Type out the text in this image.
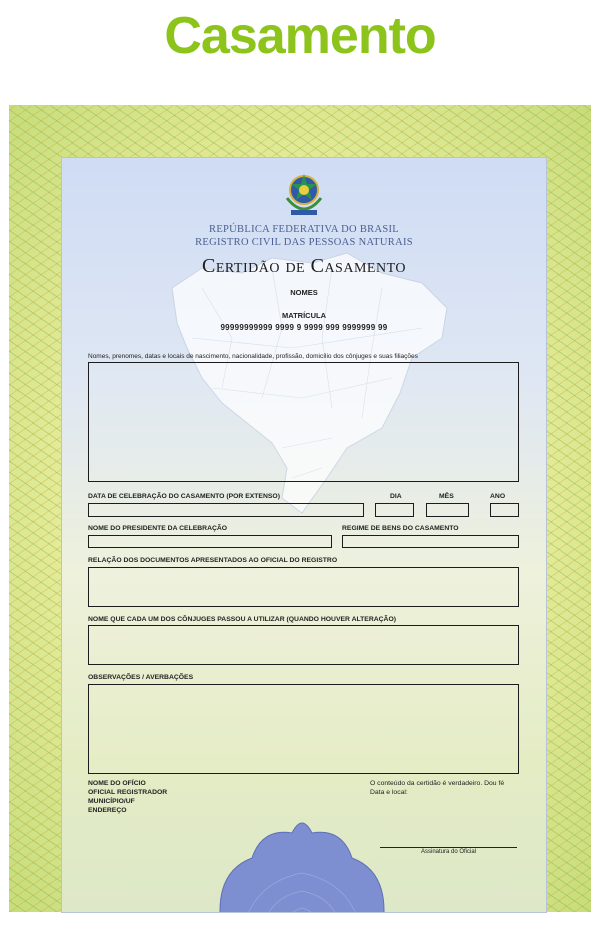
Casamento
REPÚBLICA FEDERATIVA DO BRASIL
REGISTRO CIVIL DAS PESSOAS NATURAIS
Certidão de Casamento
NOMES
MATRÍCULA
99999999999 9999 9 9999 999 9999999 99
Nomes, prenomes, datas e locais de nascimento, nacionalidade, profissão, domicílio dos cônjuges e suas filiações
DATA DE CELEBRAÇÃO DO CASAMENTO (POR EXTENSO)	DIA	MÊS	ANO
NOME DO PRESIDENTE DA CELEBRAÇÃO	REGIME DE BENS DO CASAMENTO
RELAÇÃO DOS DOCUMENTOS APRESENTADOS AO OFICIAL DO REGISTRO
NOME QUE CADA UM DOS CÔNJUGES PASSOU A UTILIZAR (QUANDO HOUVER ALTERAÇÃO)
OBSERVAÇÕES / AVERBAÇÕES
NOME DO OFÍCIO
OFICIAL REGISTRADOR
MUNICÍPIO/UF
ENDEREÇO
O conteúdo da certidão é verdadeiro. Dou fé
Data e local:
Assinatura do Oficial
